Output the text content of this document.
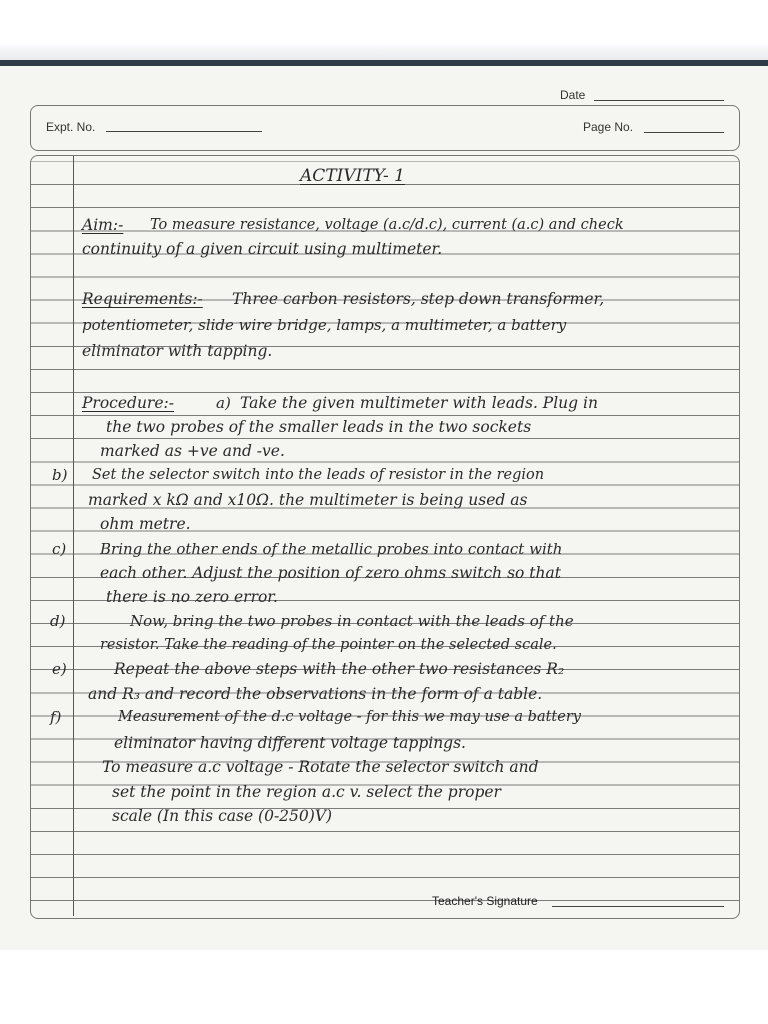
Date
Expt. No.	Page No.
ACTIVITY- 1
Aim:- To measure resistance, voltage (a.c/d.c), current (a.c) and check

continuity of a given circuit using multimeter.

Requirements:- Three carbon resistors, step down transformer,

potentiometer, slide wire bridge, lamps, a multimeter, a battery

eliminator with tapping.

Procedure:-	a) Take the given multimeter with leads. Plug in

the two probes of the smaller leads in the two sockets

marked as +ve and -ve.

b) Set the selector switch into the leads of resistor in the region

marked x kΩ and x10Ω. the multimeter is being used as

ohm metre.

c) Bring the other ends of the metallic probes into contact with

each other. Adjust the position of zero ohms switch so that

there is no zero error.

d)	Now, bring the two probes in contact with the leads of the

resistor. Take the reading of the pointer on the selected scale.

e)	Repeat the above steps with the other two resistances R₂

and R₃ and record the observations in the form of a table.

f)	Measurement of the d.c voltage - for this we may use a battery

eliminator having different voltage tappings.

To measure a.c voltage - Rotate the selector switch and

set the point in the region a.c v. select the proper

scale (In this case (0-250)V)

Teacher's Signature
